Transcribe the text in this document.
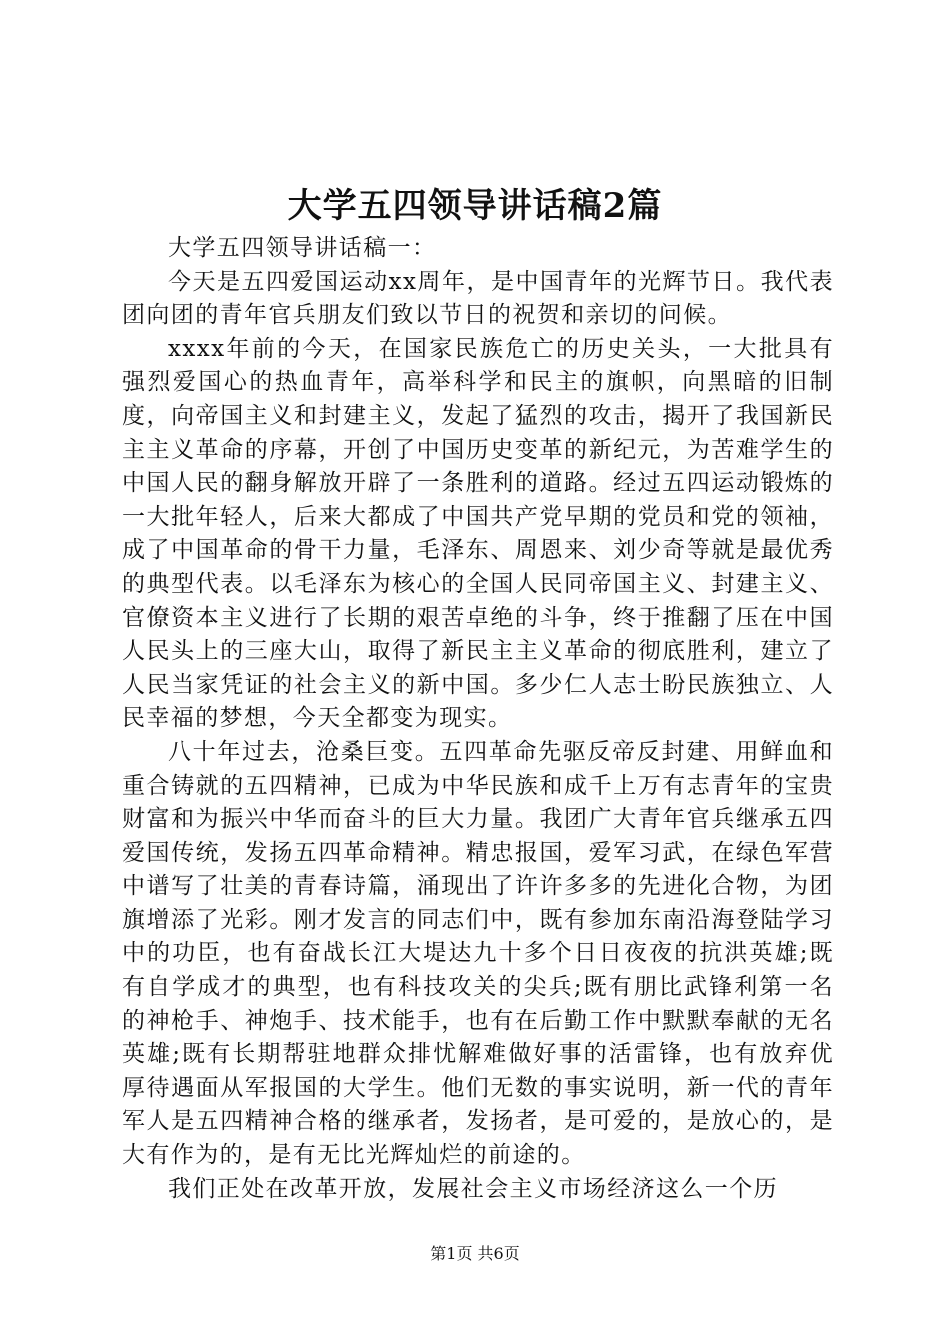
大学五四领导讲话稿2篇

大学五四领导讲话稿一：

今天是五四爱国运动xx周年，是中国青年的光辉节日。我代表团向团的青年官兵朋友们致以节日的祝贺和亲切的问候。

xxxx年前的今天，在国家民族危亡的历史关头，一大批具有强烈爱国心的热血青年，高举科学和民主的旗帜，向黑暗的旧制度，向帝国主义和封建主义，发起了猛烈的攻击，揭开了我国新民主主义革命的序幕，开创了中国历史变革的新纪元，为苦难学生的中国人民的翻身解放开辟了一条胜利的道路。经过五四运动锻炼的一大批年轻人，后来大都成了中国共产党早期的党员和党的领袖，成了中国革命的骨干力量，毛泽东、周恩来、刘少奇等就是最优秀的典型代表。以毛泽东为核心的全国人民同帝国主义、封建主义、官僚资本主义进行了长期的艰苦卓绝的斗争，终于推翻了压在中国人民头上的三座大山，取得了新民主主义革命的彻底胜利，建立了人民当家凭证的社会主义的新中国。多少仁人志士盼民族独立、人民幸福的梦想，今天全都变为现实。

八十年过去，沧桑巨变。五四革命先驱反帝反封建、用鲜血和重合铸就的五四精神，已成为中华民族和成千上万有志青年的宝贵财富和为振兴中华而奋斗的巨大力量。我团广大青年官兵继承五四爱国传统，发扬五四革命精神。精忠报国，爱军习武，在绿色军营中谱写了壮美的青春诗篇，涌现出了许许多多的先进化合物，为团旗增添了光彩。刚才发言的同志们中，既有参加东南沿海登陆学习中的功臣，也有奋战长江大堤达九十多个日日夜夜的抗洪英雄;既有自学成才的典型，也有科技攻关的尖兵;既有朋比武锋利第一名的神枪手、神炮手、技术能手，也有在后勤工作中默默奉献的无名英雄;既有长期帮驻地群众排忧解难做好事的活雷锋，也有放弃优厚待遇面从军报国的大学生。他们无数的事实说明，新一代的青年军人是五四精神合格的继承者，发扬者，是可爱的，是放心的，是大有作为的，是有无比光辉灿烂的前途的。

我们正处在改革开放，发展社会主义市场经济这么一个历

第1页 共6页
